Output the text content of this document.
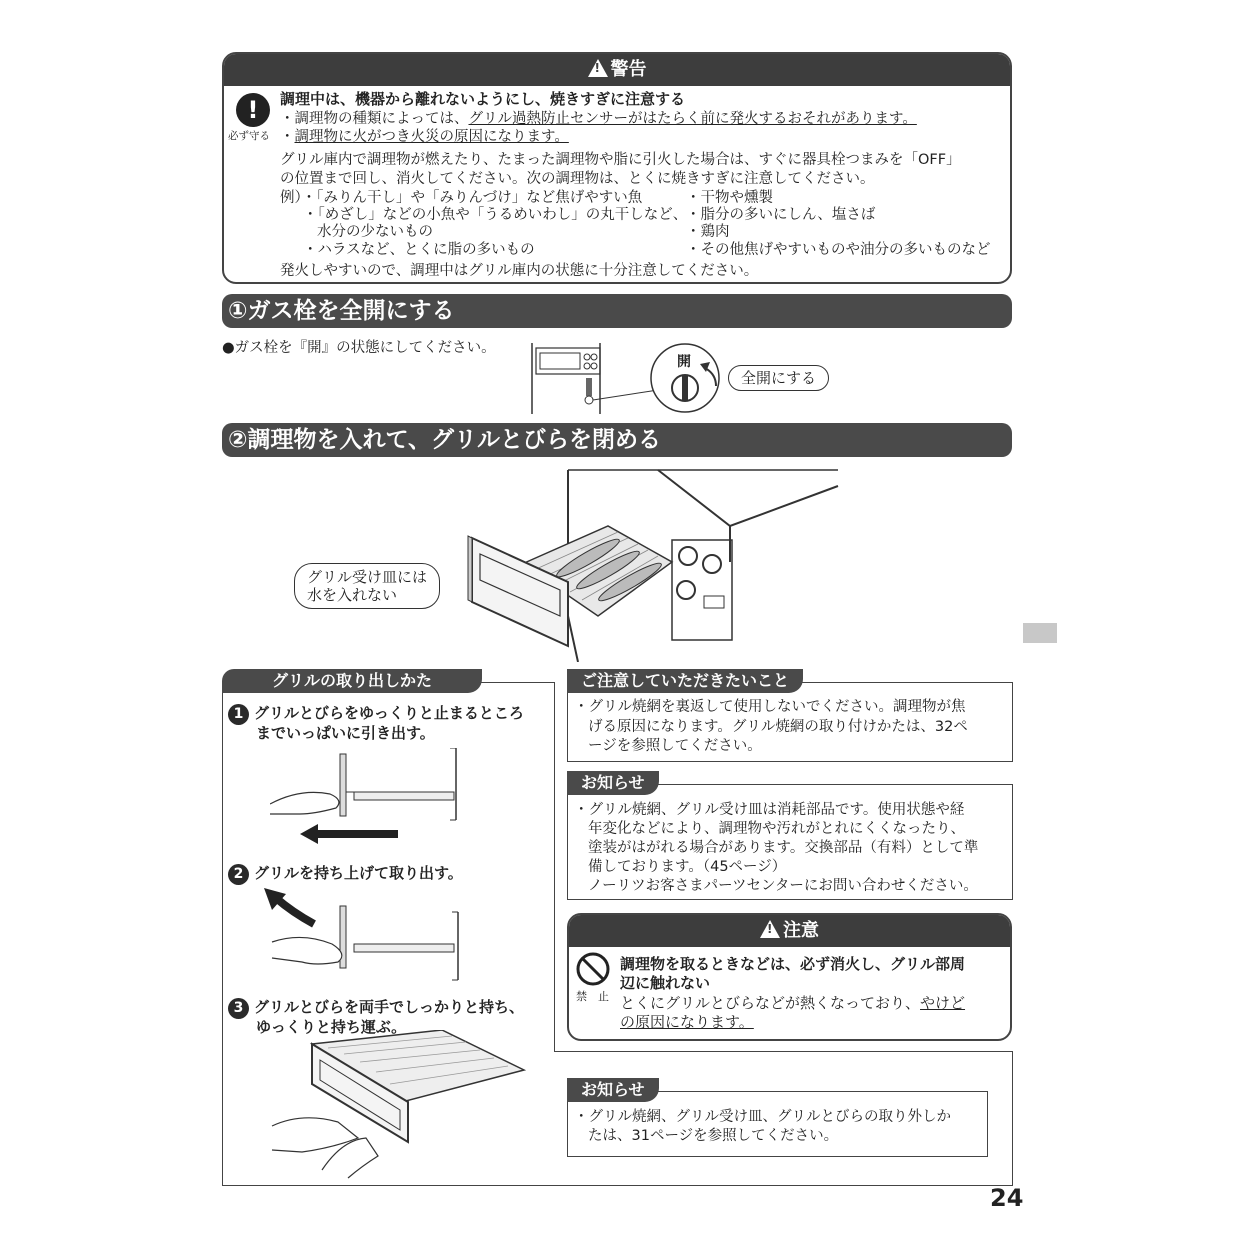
!警告
!
必ず守る
調理中は、機器から離れないようにし、焼きすぎに注意する
・調理物の種類によっては、グリル過熱防止センサーがはたらく前に発火するおそれがあります。
・調理物に火がつき火災の原因になります。
グリル庫内で調理物が燃えたり、たまった調理物や脂に引火した場合は、すぐに器具栓つまみを「OFF」
の位置まで回し、消火してください。次の調理物は、とくに焼きすぎに注意してください。
例）・「みりん干し」や「みりんづけ」など焦げやすい魚
・「めざし」などの小魚や「うるめいわし」の丸干しなど、
水分の少ないもの
・ハラスなど、とくに脂の多いもの
・干物や燻製
・脂分の多いにしん、塩さば
・鶏肉
・その他焦げやすいものや油分の多いものなど
発火しやすいので、調理中はグリル庫内の状態に十分注意してください。
①ガス栓を全開にする
●ガス栓を『開』の状態にしてください。
開
全開にする
②調理物を入れて、グリルとびらを閉める
グリル受け皿には
水を入れない
グリルの取り出しかた
1 グリルとびらをゆっくりと止まるところ
までいっぱいに引き出す。
2 グリルを持ち上げて取り出す。
3 グリルとびらを両手でしっかりと持ち、
ゆっくりと持ち運ぶ。
ご注意していただきたいこと
・グリル焼網を裏返して使用しないでください。調理物が焦
げる原因になります。グリル焼網の取り付けかたは、32ペ
ージを参照してください。
お知らせ
・グリル焼網、グリル受け皿は消耗部品です。使用状態や経
年変化などにより、調理物や汚れがとれにくくなったり、
塗装がはがれる場合があります。交換部品（有料）として準
備しております。（45ページ）
ノーリツお客さまパーツセンターにお問い合わせください。
!注意
禁　止
調理物を取るときなどは、必ず消火し、グリル部周
辺に触れない
とくにグリルとびらなどが熱くなっており、やけど
の原因になります。
お知らせ
・グリル焼網、グリル受け皿、グリルとびらの取り外しか
たは、31ページを参照してください。
24
